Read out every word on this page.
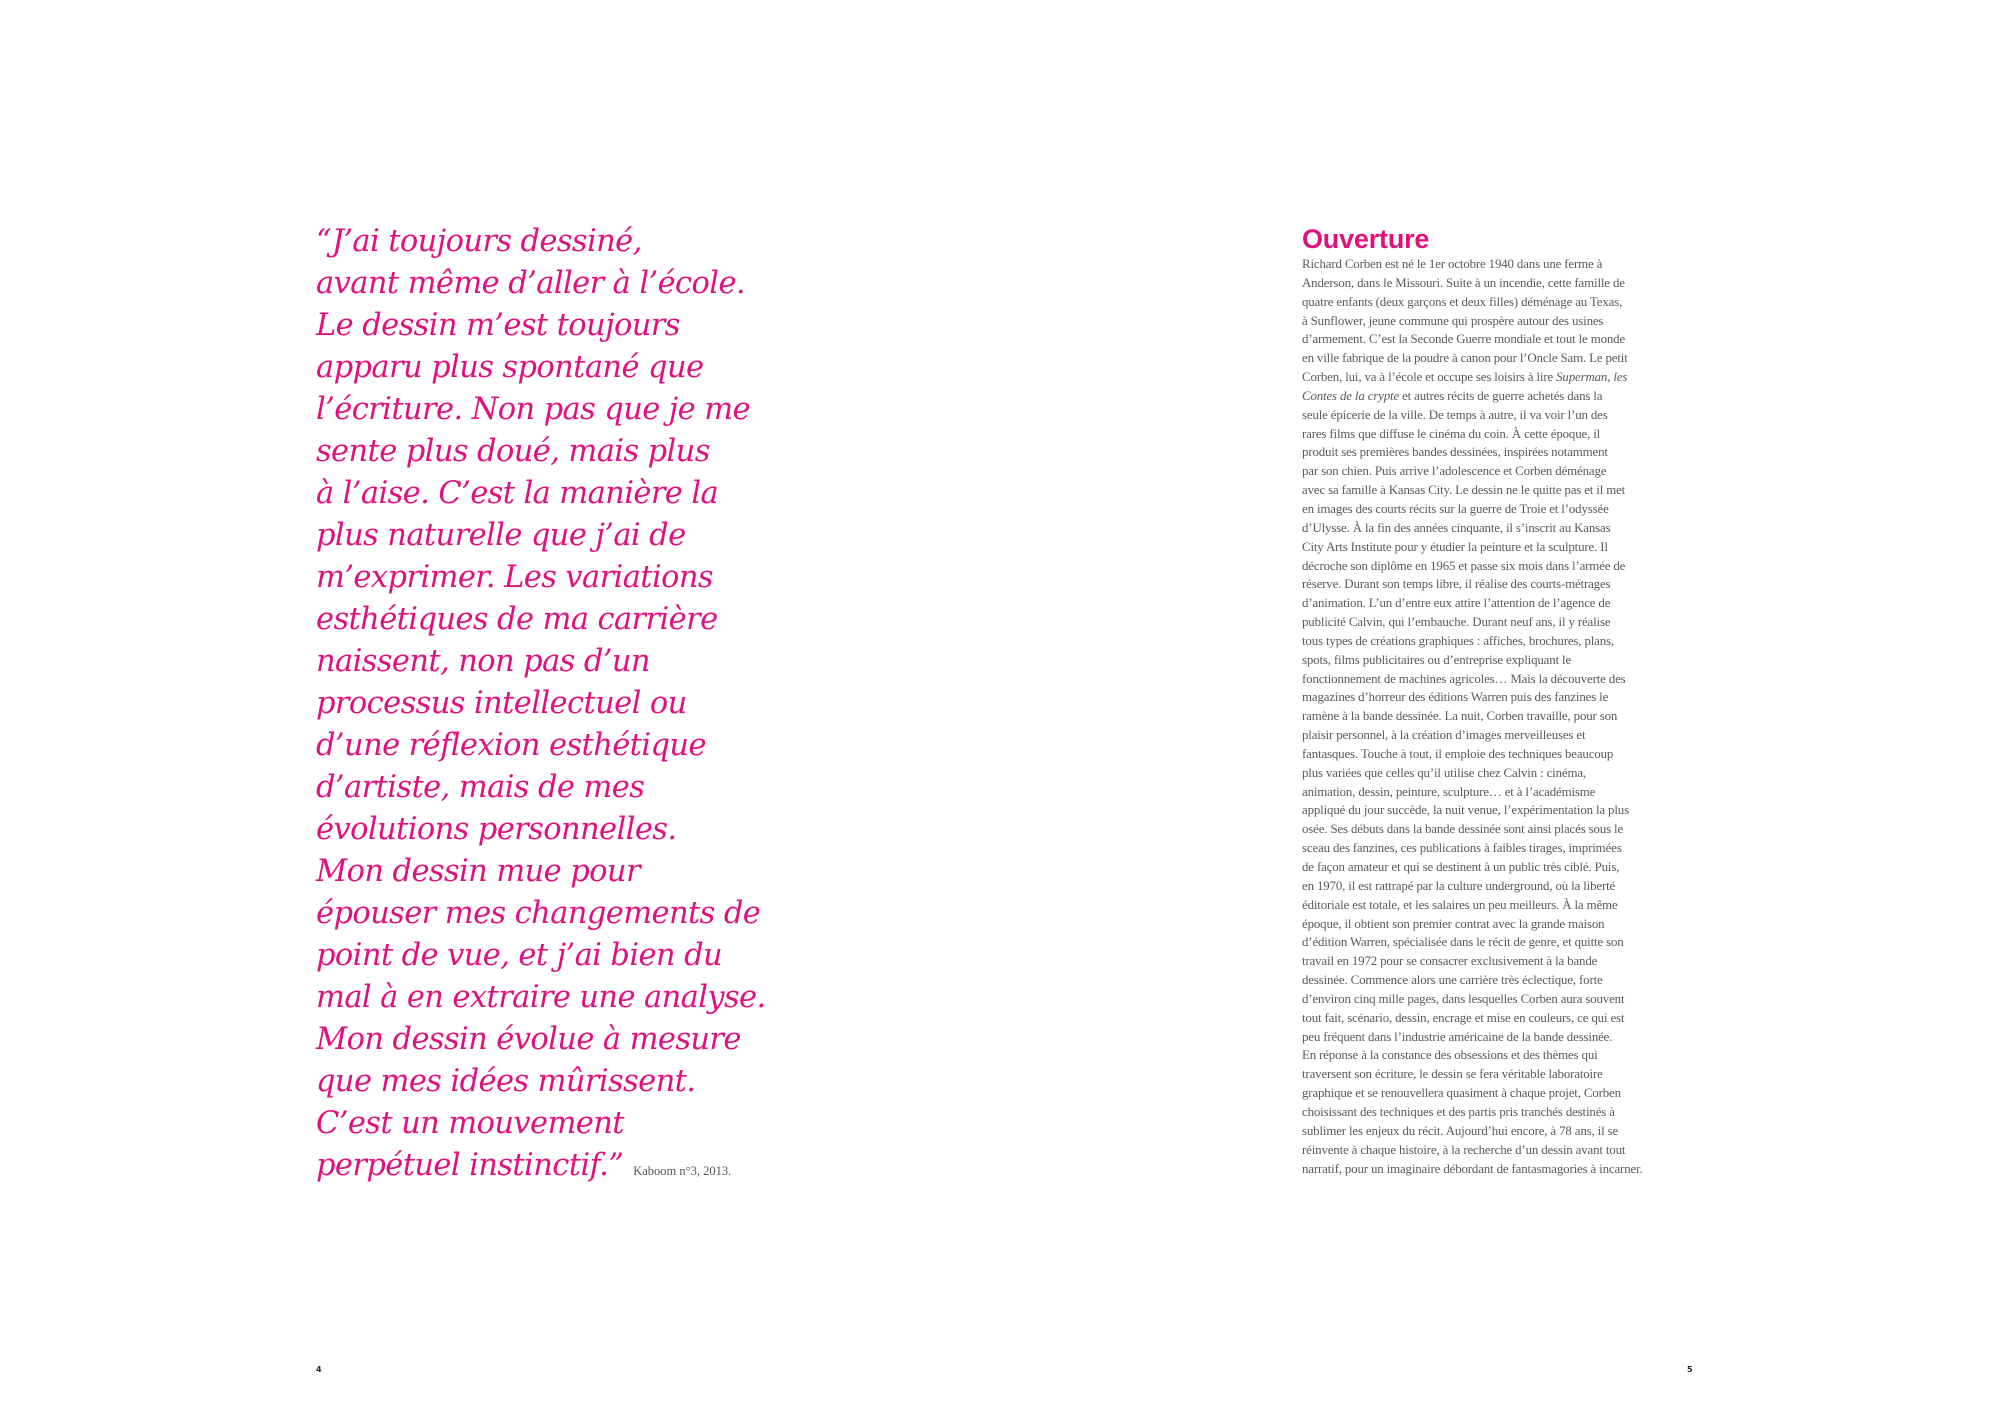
“J’ai toujours dessiné,
avant même d’aller à l’école.
Le dessin m’est toujours
apparu plus spontané que
l’écriture. Non pas que je me
sente plus doué, mais plus
à l’aise. C’est la manière la
plus naturelle que j’ai de
m’exprimer. Les variations
esthétiques de ma carrière
naissent, non pas d’un
processus intellectuel ou
d’une réflexion esthétique
d’artiste, mais de mes
évolutions personnelles.
Mon dessin mue pour
épouser mes changements de
point de vue, et j’ai bien du
mal à en extraire une analyse.
Mon dessin évolue à mesure
que mes idées mûrissent.
C’est un mouvement
perpétuel instinctif.” Kaboom n°3, 2013.
4
Ouverture
Richard Corben est né le 1er octobre 1940 dans une ferme à
Anderson, dans le Missouri. Suite à un incendie, cette famille de
quatre enfants (deux garçons et deux filles) déménage au Texas,
à Sunflower, jeune commune qui prospère autour des usines
d’armement. C’est la Seconde Guerre mondiale et tout le monde
en ville fabrique de la poudre à canon pour l’Oncle Sam. Le petit
Corben, lui, va à l’école et occupe ses loisirs à lire Superman, les
Contes de la crypte et autres récits de guerre achetés dans la
seule épicerie de la ville. De temps à autre, il va voir l’un des
rares films que diffuse le cinéma du coin. À cette époque, il
produit ses premières bandes dessinées, inspirées notamment
par son chien. Puis arrive l’adolescence et Corben déménage
avec sa famille à Kansas City. Le dessin ne le quitte pas et il met
en images des courts récits sur la guerre de Troie et l’odyssée
d’Ulysse. À la fin des années cinquante, il s’inscrit au Kansas
City Arts Institute pour y étudier la peinture et la sculpture. Il
décroche son diplôme en 1965 et passe six mois dans l’armée de
réserve. Durant son temps libre, il réalise des courts-métrages
d’animation. L’un d’entre eux attire l’attention de l’agence de
publicité Calvin, qui l’embauche. Durant neuf ans, il y réalise
tous types de créations graphiques : affiches, brochures, plans,
spots, films publicitaires ou d’entreprise expliquant le
fonctionnement de machines agricoles… Mais la découverte des
magazines d’horreur des éditions Warren puis des fanzines le
ramène à la bande dessinée. La nuit, Corben travaille, pour son
plaisir personnel, à la création d’images merveilleuses et
fantasques. Touche à tout, il emploie des techniques beaucoup
plus variées que celles qu’il utilise chez Calvin : cinéma,
animation, dessin, peinture, sculpture… et à l’académisme
appliqué du jour succède, la nuit venue, l’expérimentation la plus
osée. Ses débuts dans la bande dessinée sont ainsi placés sous le
sceau des fanzines, ces publications à faibles tirages, imprimées
de façon amateur et qui se destinent à un public très ciblé. Puis,
en 1970, il est rattrapé par la culture underground, où la liberté
éditoriale est totale, et les salaires un peu meilleurs. À la même
époque, il obtient son premier contrat avec la grande maison
d’édition Warren, spécialisée dans le récit de genre, et quitte son
travail en 1972 pour se consacrer exclusivement à la bande
dessinée. Commence alors une carrière très éclectique, forte
d’environ cinq mille pages, dans lesquelles Corben aura souvent
tout fait, scénario, dessin, encrage et mise en couleurs, ce qui est
peu fréquent dans l’industrie américaine de la bande dessinée.
En réponse à la constance des obsessions et des thèmes qui
traversent son écriture, le dessin se fera véritable laboratoire
graphique et se renouvellera quasiment à chaque projet, Corben
choisissant des techniques et des partis pris tranchés destinés à
sublimer les enjeux du récit. Aujourd’hui encore, à 78 ans, il se
réinvente à chaque histoire, à la recherche d’un dessin avant tout
narratif, pour un imaginaire débordant de fantasmagories à incarner.
5
